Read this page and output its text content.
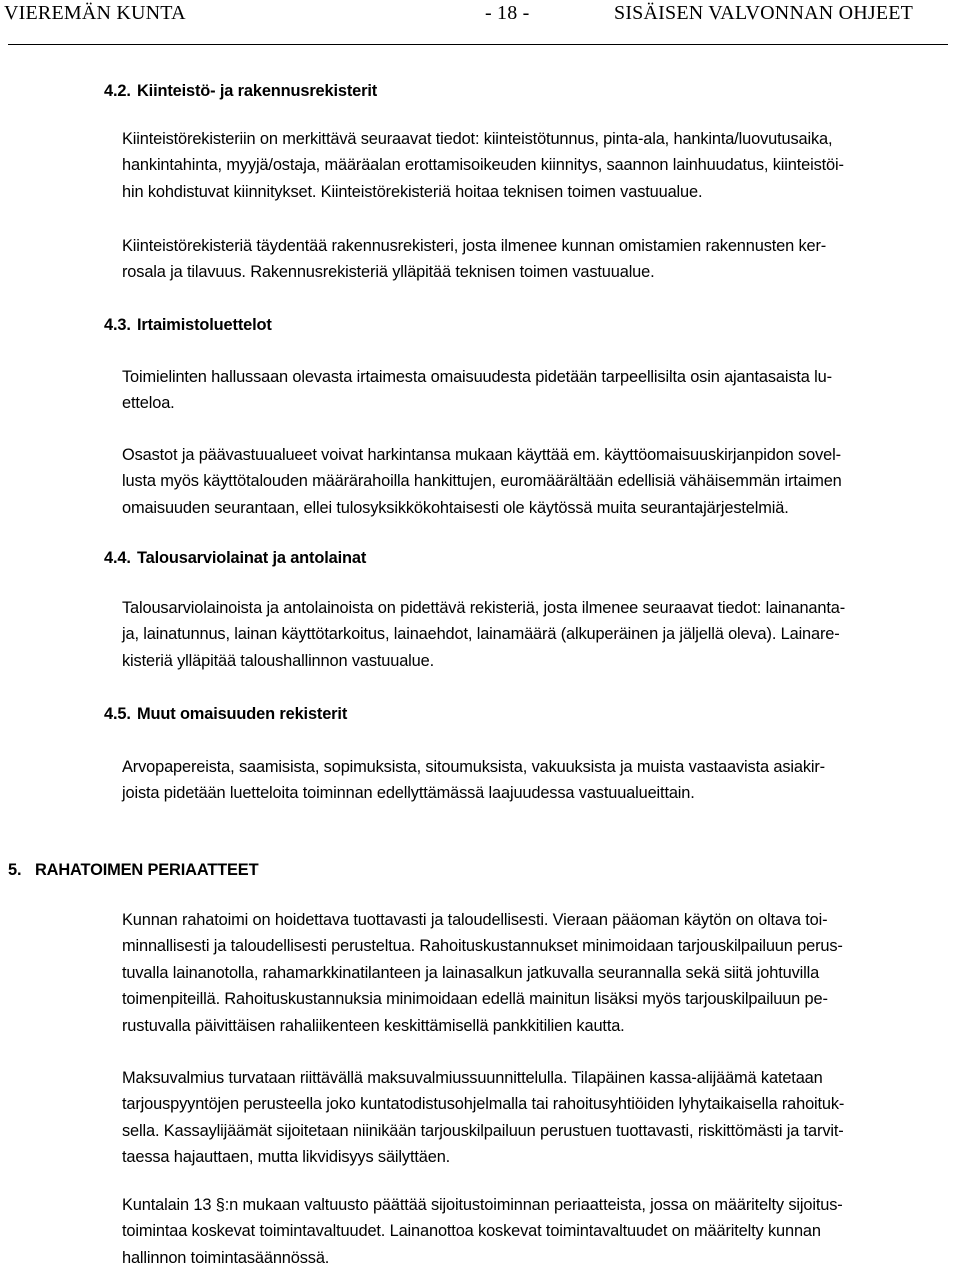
VIEREMÄN KUNTA	- 18 -	SISÄISEN VALVONNAN OHJEET
4.2. Kiinteistö- ja rakennusrekisterit
Kiinteistörekisteriin on merkittävä seuraavat tiedot: kiinteistötunnus, pinta-ala, hankinta/luovutusaika,
hankintahinta, myyjä/ostaja, määräalan erottamisoikeuden kiinnitys, saannon lainhuudatus, kiinteistöi-
hin kohdistuvat kiinnitykset. Kiinteistörekisteriä hoitaa teknisen toimen vastuualue.
Kiinteistörekisteriä täydentää rakennusrekisteri, josta ilmenee kunnan omistamien rakennusten ker-
rosala ja tilavuus. Rakennusrekisteriä ylläpitää teknisen toimen vastuualue.
4.3. Irtaimistoluettelot
Toimielinten hallussaan olevasta irtaimesta omaisuudesta pidetään tarpeellisilta osin ajantasaista lu-
etteloa.
Osastot ja päävastuualueet voivat harkintansa mukaan käyttää em. käyttöomaisuuskirjanpidon sovel-
lusta myös käyttötalouden määrärahoilla hankittujen, euromäärältään edellisiä vähäisemmän irtaimen
omaisuuden seurantaan, ellei tulosyksikkökohtaisesti ole käytössä muita seurantajärjestelmiä.
4.4. Talousarviolainat ja antolainat
Talousarviolainoista ja antolainoista on pidettävä rekisteriä, josta ilmenee seuraavat tiedot: lainananta-
ja, lainatunnus, lainan käyttötarkoitus, lainaehdot, lainamäärä (alkuperäinen ja jäljellä oleva). Lainare-
kisteriä ylläpitää taloushallinnon vastuualue.
4.5. Muut omaisuuden rekisterit
Arvopapereista, saamisista, sopimuksista, sitoumuksista, vakuuksista ja muista vastaavista asiakir-
joista pidetään luetteloita toiminnan edellyttämässä laajuudessa vastuualueittain.
5. RAHATOIMEN PERIAATTEET
Kunnan rahatoimi on hoidettava tuottavasti ja taloudellisesti. Vieraan pääoman käytön on oltava toi-
minnallisesti ja taloudellisesti perusteltua. Rahoituskustannukset minimoidaan tarjouskilpailuun perus-
tuvalla lainanotolla, rahamarkkinatilanteen ja lainasalkun jatkuvalla seurannalla sekä siitä johtuvilla
toimenpiteillä. Rahoituskustannuksia minimoidaan edellä mainitun lisäksi myös tarjouskilpailuun pe-
rustuvalla päivittäisen rahaliikenteen keskittämisellä pankkitilien kautta.
Maksuvalmius turvataan riittävällä maksuvalmiussuunnittelulla. Tilapäinen kassa-alijäämä katetaan
tarjouspyyntöjen perusteella joko kuntatodistusohjelmalla tai rahoitusyhtiöiden lyhytaikaisella rahoituk-
sella. Kassaylijäämät sijoitetaan niinikään tarjouskilpailuun perustuen tuottavasti, riskittömästi ja tarvit-
taessa hajauttaen, mutta likvidisyys säilyttäen.
Kuntalain 13 §:n mukaan valtuusto päättää sijoitustoiminnan periaatteista, jossa on määritelty sijoitus-
toimintaa koskevat toimintavaltuudet. Lainanottoa koskevat toimintavaltuudet on määritelty kunnan
hallinnon toimintasäännössä.
